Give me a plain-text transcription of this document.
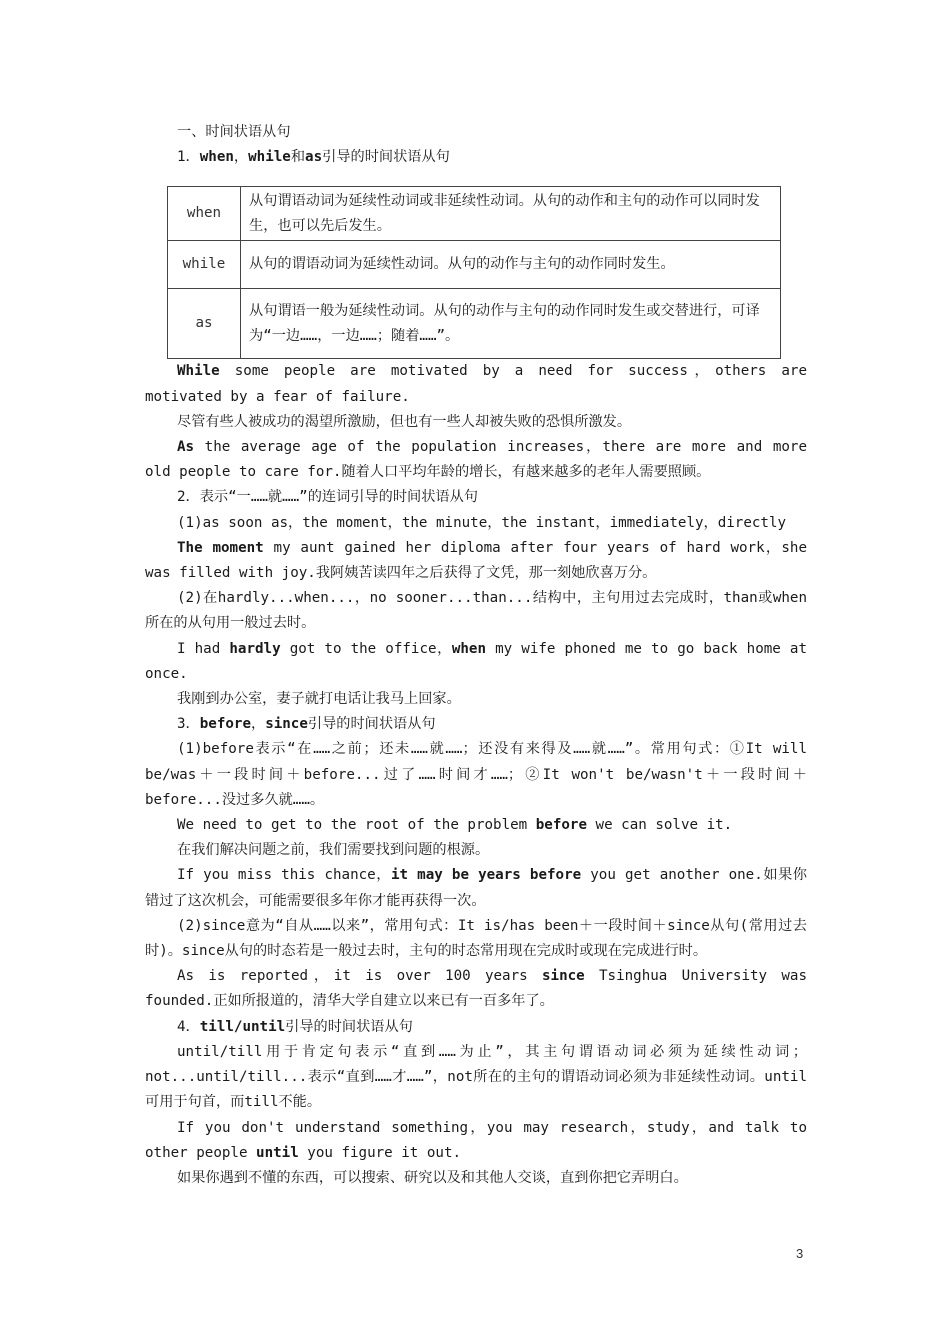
一、时间状语从句

1．when，while和as引导的时间状语从句

when	从句谓语动词为延续性动词或非延续性动词。从句的动作和主句的动作可以同时发生，也可以先后发生。
while	从句的谓语动词为延续性动词。从句的动作与主句的动作同时发生。
as	从句谓语一般为延续性动词。从句的动作与主句的动作同时发生或交替进行，可译为“一边……，一边……；随着……”。

While some people are motivated by a need for success，others are motivated by a fear of failure.

尽管有些人被成功的渴望所激励，但也有一些人却被失败的恐惧所激发。

As the average age of the population increases，there are more and more old people to care for.随着人口平均年龄的增长，有越来越多的老年人需要照顾。

2．表示“一……就……”的连词引导的时间状语从句

(1)as soon as，the moment，the minute，the instant，immediately，directly

The moment my aunt gained her diploma after four years of hard work，she was filled with joy.我阿姨苦读四年之后获得了文凭，那一刻她欣喜万分。

(2)在hardly...when...，no sooner...than...结构中，主句用过去完成时，than或when所在的从句用一般过去时。

I had hardly got to the office，when my wife phoned me to go back home at once.

我刚到办公室，妻子就打电话让我马上回家。

3．before，since引导的时间状语从句

(1)before表示“在……之前；还未……就……；还没有来得及……就……”。常用句式：①It will be/was＋一段时间＋before...过了……时间才……；②It won't be/wasn't＋一段时间＋before...没过多久就……。

We need to get to the root of the problem before we can solve it.

在我们解决问题之前，我们需要找到问题的根源。

If you miss this chance，it may be years before you get another one.如果你错过了这次机会，可能需要很多年你才能再获得一次。

(2)since意为“自从……以来”，常用句式：It is/has been＋一段时间＋since从句(常用过去时)。since从句的时态若是一般过去时，主句的时态常用现在完成时或现在完成进行时。

As is reported，it is over 100 years since Tsinghua University was founded.正如所报道的，清华大学自建立以来已有一百多年了。

4．till/until引导的时间状语从句

until/till用于肯定句表示“直到……为止”，其主句谓语动词必须为延续性动词；not...until/till...表示“直到……才……”，not所在的主句的谓语动词必须为非延续性动词。until可用于句首，而till不能。

If you don't understand something，you may research，study，and talk to other people until you figure it out.

如果你遇到不懂的东西，可以搜索、研究以及和其他人交谈，直到你把它弄明白。

3
